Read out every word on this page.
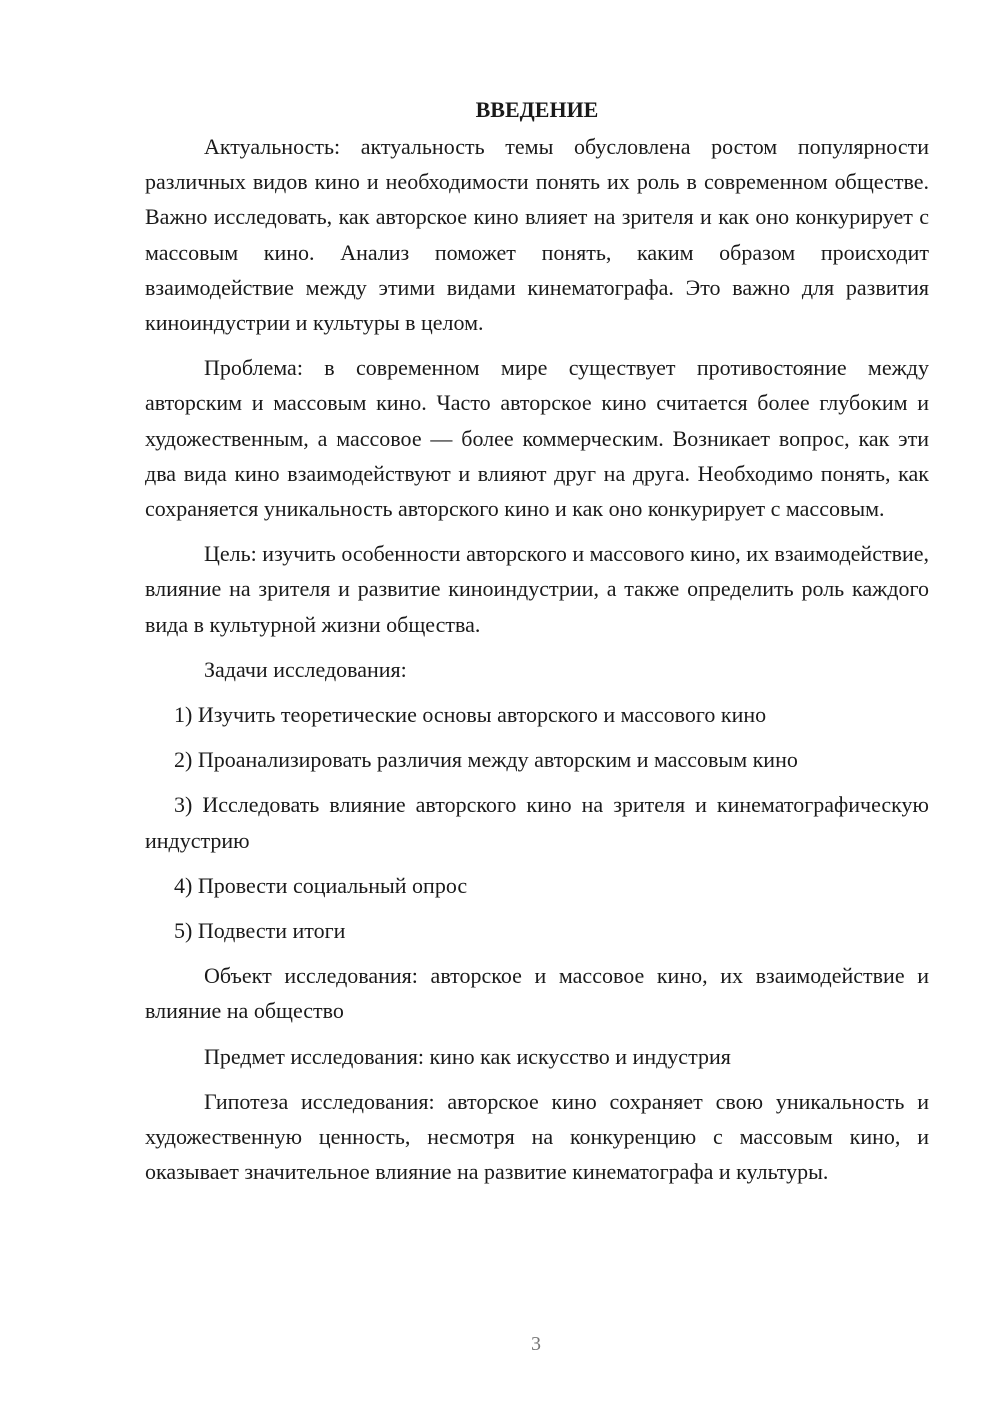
ВВЕДЕНИЕ

Актуальность: актуальность темы обусловлена ростом популярности различных видов кино и необходимости понять их роль в современном обществе. Важно исследовать, как авторское кино влияет на зрителя и как оно конкурирует с массовым кино. Анализ поможет понять, каким образом происходит взаимодействие между этими видами кинематографа. Это важно для развития киноиндустрии и культуры в целом.

Проблема: в современном мире существует противостояние между авторским и массовым кино. Часто авторское кино считается более глубоким и художественным, а массовое — более коммерческим. Возникает вопрос, как эти два вида кино взаимодействуют и влияют друг на друга. Необходимо понять, как сохраняется уникальность авторского кино и как оно конкурирует с массовым.

Цель: изучить особенности авторского и массового кино, их взаимодействие, влияние на зрителя и развитие киноиндустрии, а также определить роль каждого вида в культурной жизни общества.

Задачи исследования:

1) Изучить теоретические основы авторского и массового кино

2) Проанализировать различия между авторским и массовым кино

3) Исследовать влияние авторского кино на зрителя и кинематографическую индустрию

4) Провести социальный опрос

5) Подвести итоги

Объект исследования: авторское и массовое кино, их взаимодействие и влияние на общество

Предмет исследования: кино как искусство и индустрия

Гипотеза исследования: авторское кино сохраняет свою уникальность и художественную ценность, несмотря на конкуренцию с массовым кино, и оказывает значительное влияние на развитие кинематографа и культуры.

3
